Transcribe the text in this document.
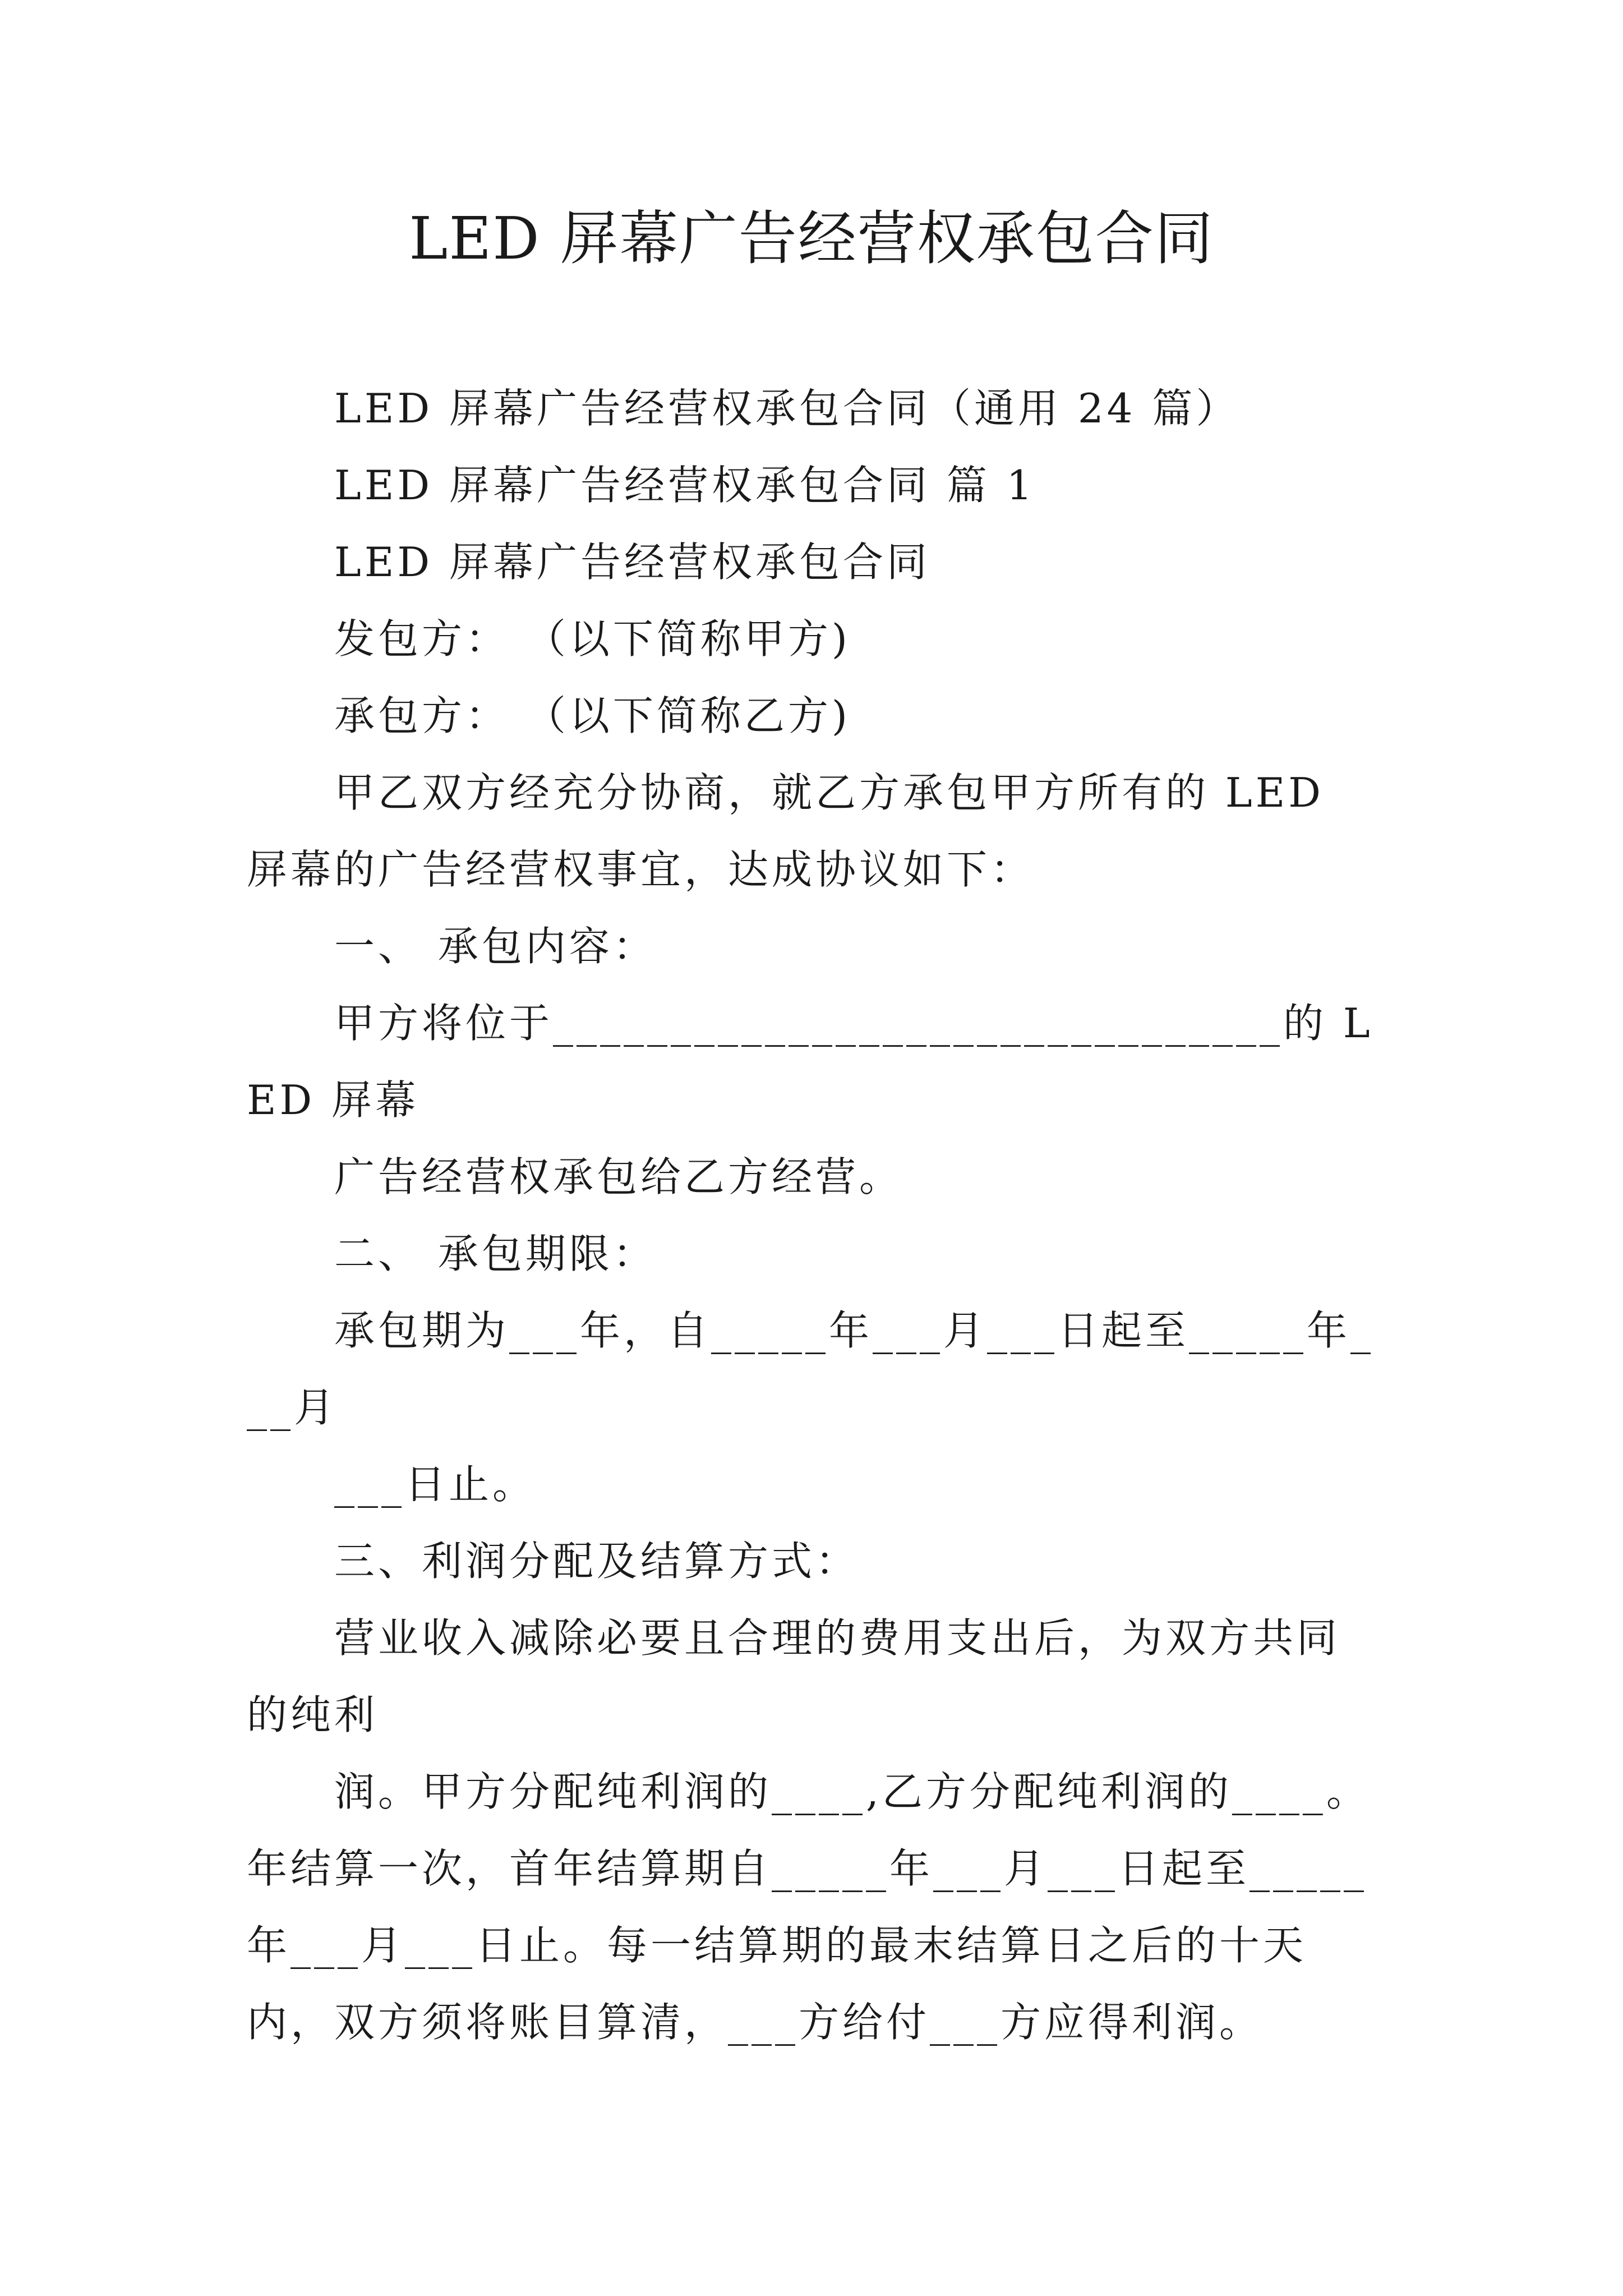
LED 屏幕广告经营权承包合同

LED 屏幕广告经营权承包合同（通用 24 篇）

LED 屏幕广告经营权承包合同 篇 1

LED 屏幕广告经营权承包合同

发包方： （以下简称甲方)

承包方： （以下简称乙方)

甲乙双方经充分协商，就乙方承包甲方所有的 LED 屏幕的广告经营权事宜，达成协议如下：

一、 承包内容：

甲方将位于_______________________________的 LED 屏幕

广告经营权承包给乙方经营。

二、 承包期限：

承包期为___年，自_____年___月___日起至_____年___月

___日止。

三、利润分配及结算方式：

营业收入减除必要且合理的费用支出后，为双方共同的纯利

润。甲方分配纯利润的____,乙方分配纯利润的____。年结算一次，首年结算期自_____年___月___日起至_____年___月___日止。每一结算期的最末结算日之后的十天内，双方须将账目算清，___方给付___方应得利润。
